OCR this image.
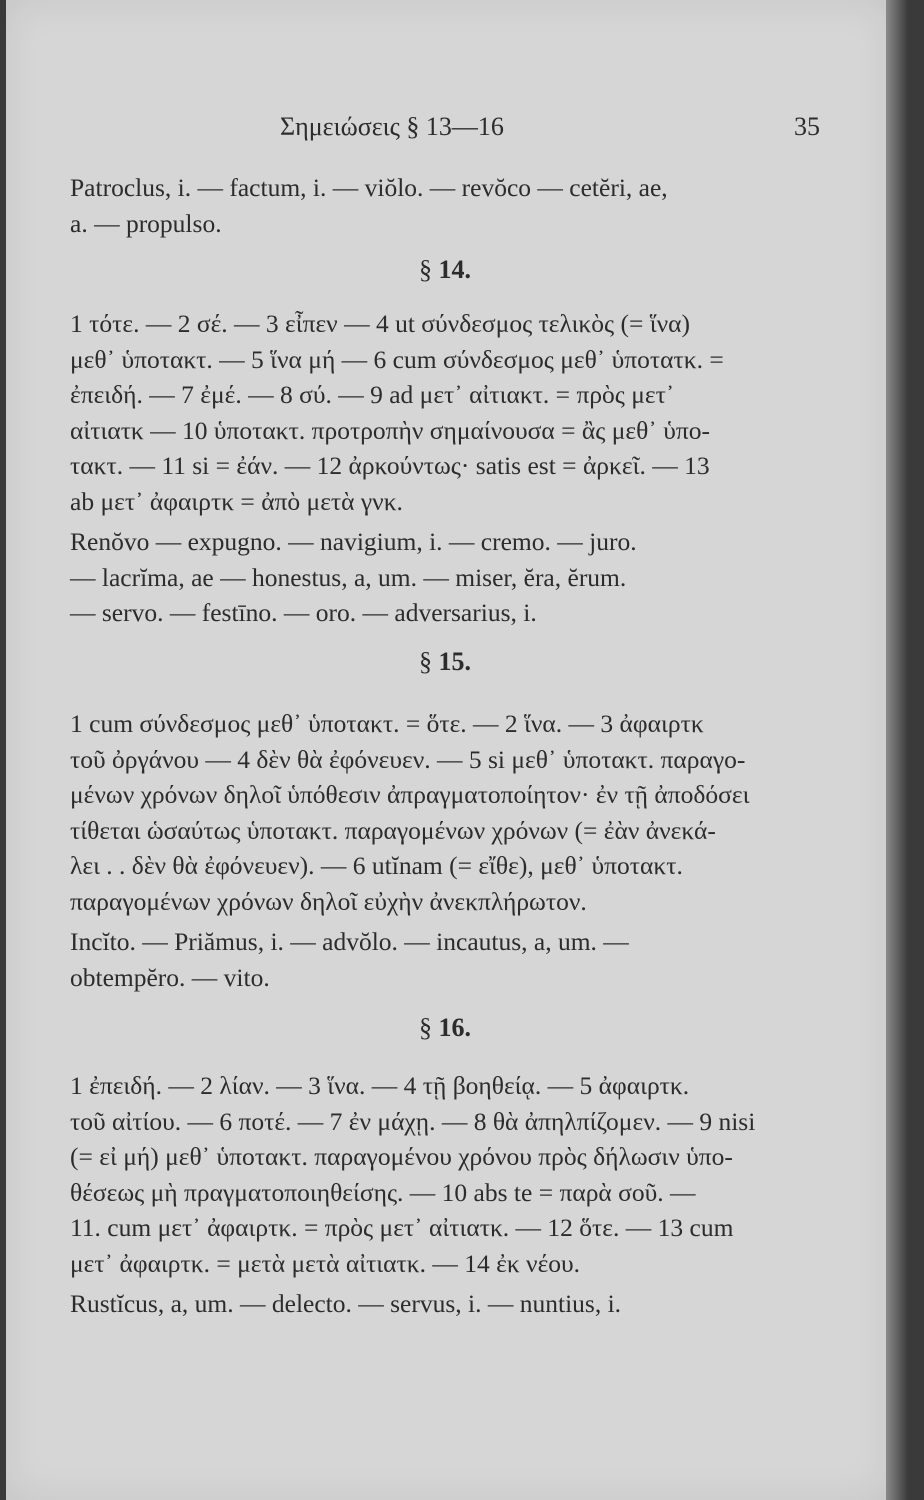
Σημειώσεις § 13—16	35

Patroclus, i. — factum, i. — viŏlo. — revŏco — cetĕri, ae,

a. — propulso.

§ 14.

1 τότε. — 2 σέ. — 3 εἶπεν — 4 ut σύνδεσμος τελικὸς (= ἵνα)

μεθ᾽ ὑποτακτ. — 5 ἵνα μή — 6 cum σύνδεσμος μεθ᾽ ὑποτατκ. =

ἐπειδή. — 7 ἐμέ. — 8 σύ. — 9 ad μετ᾽ αἰτιακτ. = πρὸς μετ᾽

αἰτιατκ — 10 ὑποτακτ. προτροπὴν σημαίνουσα = ἂς μεθ᾽ ὑπο-

τακτ. — 11 si = ἐάν. — 12 ἀρκούντως· satis est = ἀρκεῖ. — 13

ab μετ᾽ ἀφαιρτκ = ἀπὸ μετὰ γνκ.

Renŏvo — expugno. — navigium, i. — cremo. — juro.

— lacrĭma, ae — honestus, a, um. — miser, ĕra, ĕrum.

— servo. — festīno. — oro. — adversarius, i.

§ 15.

1 cum σύνδεσμος μεθ᾽ ὑποτακτ. = ὅτε. — 2 ἵνα. — 3 ἀφαιρτκ

τοῦ ὀργάνου — 4 δὲν θὰ ἐφόνευεν. — 5 si μεθ᾽ ὑποτακτ. παραγο-

μένων χρόνων δηλοῖ ὑπόθεσιν ἀπραγματοποίητον· ἐν τῇ ἀποδόσει

τίθεται ὡσαύτως ὑποτακτ. παραγομένων χρόνων (= ἐὰν ἀνεκά-

λει . . δὲν θὰ ἐφόνευεν). — 6 utĭnam (= εἴθε), μεθ᾽ ὑποτακτ.

παραγομένων χρόνων δηλοῖ εὐχὴν ἀνεκπλήρωτον.

Incĭto. — Priămus, i. — advŏlo. — incautus, a, um. —

obtempĕro. — vito.

§ 16.

1 ἐπειδή. — 2 λίαν. — 3 ἵνα. — 4 τῇ βοηθείᾳ. — 5 ἀφαιρτκ.

τοῦ αἰτίου. — 6 ποτέ. — 7 ἐν μάχῃ. — 8 θὰ ἀπηλπίζομεν. — 9 nisi

(= εἰ μή) μεθ᾽ ὑποτακτ. παραγομένου χρόνου πρὸς δήλωσιν ὑπο-

θέσεως μὴ πραγματοποιηθείσης. — 10 abs te = παρὰ σοῦ. —

11. cum μετ᾽ ἀφαιρτκ. = πρὸς μετ᾽ αἰτιατκ. — 12 ὅτε. — 13 cum

μετ᾽ ἀφαιρτκ. = μετὰ μετὰ αἰτιατκ. — 14 ἐκ νέου.

Rustĭcus, a, um. — delecto. — servus, i. — nuntius, i.
